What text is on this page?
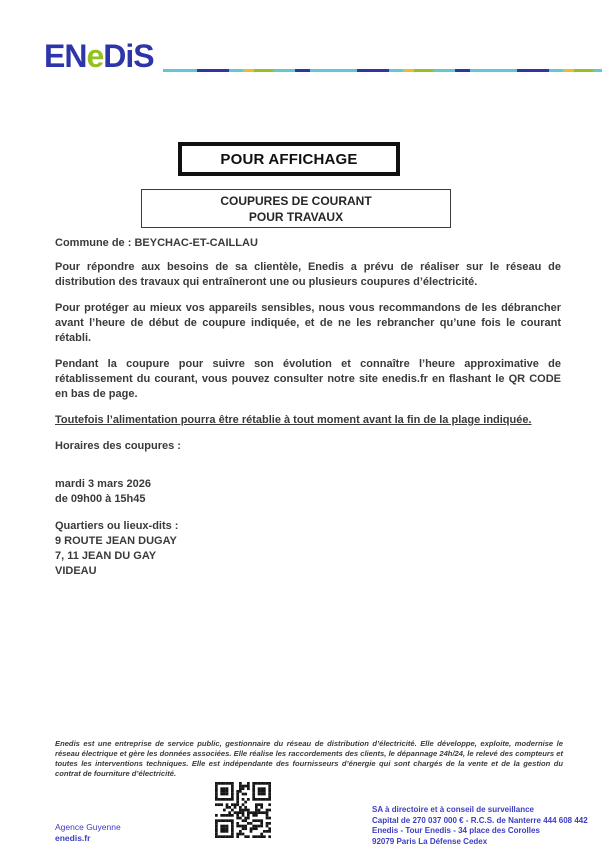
ENeDiS
POUR AFFICHAGE
COUPURES DE COURANT
POUR TRAVAUX

Commune de : BEYCHAC-ET-CAILLAU

Pour répondre aux besoins de sa clientèle, Enedis a prévu de réaliser sur le réseau de distribution des travaux qui entraîneront une ou plusieurs coupures d’électricité.

Pour protéger au mieux vos appareils sensibles, nous vous recommandons de les débrancher avant l’heure de début de coupure indiquée, et de ne les rebrancher qu’une fois le courant rétabli.

Pendant la coupure pour suivre son évolution et connaître l’heure approximative de rétablissement du courant, vous pouvez consulter notre site enedis.fr en flashant le QR CODE en bas de page.

Toutefois l’alimentation pourra être rétablie à tout moment avant la fin de la plage indiquée.

Horaires des coupures :

mardi 3 mars 2026

de 09h00 à 15h45

Quartiers ou lieux-dits :

9 ROUTE JEAN DUGAY

7, 11 JEAN DU GAY

VIDEAU

Enedis est une entreprise de service public, gestionnaire du réseau de distribution d’électricité. Elle développe, exploite, modernise le réseau électrique et gère les données associées. Elle réalise les raccordements des clients, le dépannage 24h/24, le relevé des compteurs et toutes les interventions techniques. Elle est indépendante des fournisseurs d’énergie qui sont chargés de la vente et de la gestion du contrat de fourniture d’électricité.
Agence Guyenne
enedis.fr
SA à directoire et à conseil de surveillance
Capital de 270 037 000 € - R.C.S. de Nanterre 444 608 442
Enedis - Tour Enedis - 34 place des Corolles
92079 Paris La Défense Cedex
